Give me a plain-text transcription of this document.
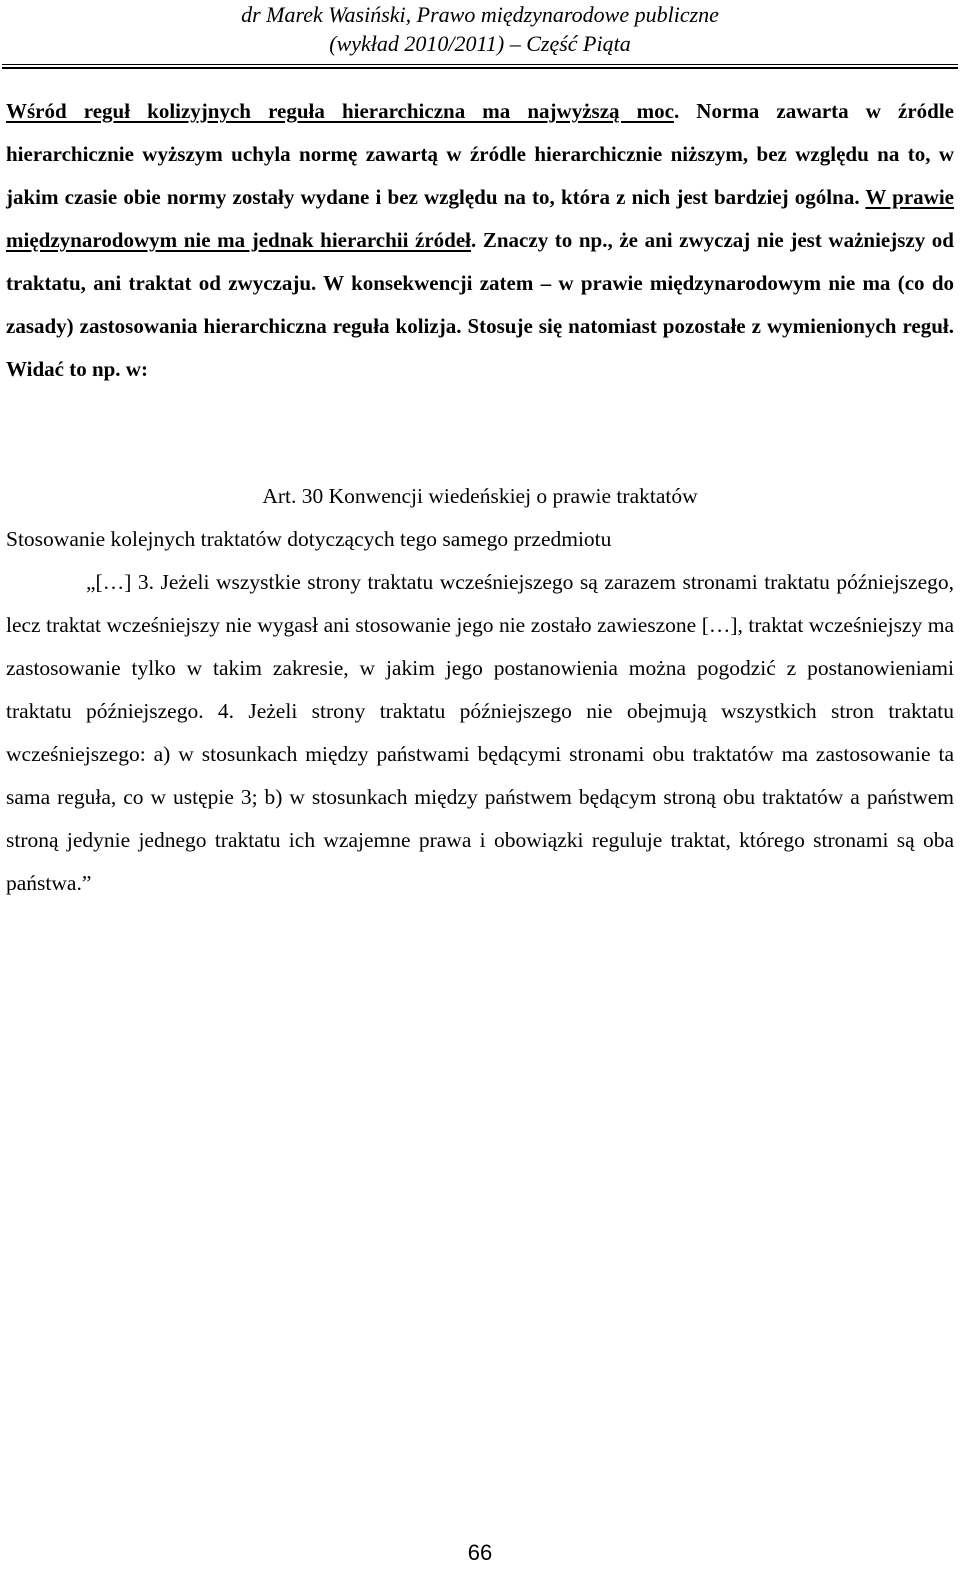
dr Marek Wasiński, Prawo międzynarodowe publiczne
(wykład 2010/2011) – Część Piąta
Wśród reguł kolizyjnych reguła hierarchiczna ma najwyższą moc. Norma zawarta w źródle hierarchicznie wyższym uchyla normę zawartą w źródle hierarchicznie niższym, bez względu na to, w jakim czasie obie normy zostały wydane i bez względu na to, która z nich jest bardziej ogólna. W prawie międzynarodowym nie ma jednak hierarchii źródeł. Znaczy to np., że ani zwyczaj nie jest ważniejszy od traktatu, ani traktat od zwyczaju. W konsekwencji zatem – w prawie międzynarodowym nie ma (co do zasady) zastosowania hierarchiczna reguła kolizja. Stosuje się natomiast pozostałe z wymienionych reguł. Widać to np. w:
Art. 30 Konwencji wiedeńskiej o prawie traktatów
Stosowanie kolejnych traktatów dotyczących tego samego przedmiotu
„[…] 3. Jeżeli wszystkie strony traktatu wcześniejszego są zarazem stronami traktatu późniejszego, lecz traktat wcześniejszy nie wygasł ani stosowanie jego nie zostało zawieszone […], traktat wcześniejszy ma zastosowanie tylko w takim zakresie, w jakim jego postanowienia można pogodzić z postanowieniami traktatu późniejszego. 4. Jeżeli strony traktatu późniejszego nie obejmują wszystkich stron traktatu wcześniejszego: a) w stosunkach między państwami będącymi stronami obu traktatów ma zastosowanie ta sama reguła, co w ustępie 3; b) w stosunkach między państwem będącym stroną obu traktatów a państwem stroną jedynie jednego traktatu ich wzajemne prawa i obowiązki reguluje traktat, którego stronami są oba państwa.”
66
